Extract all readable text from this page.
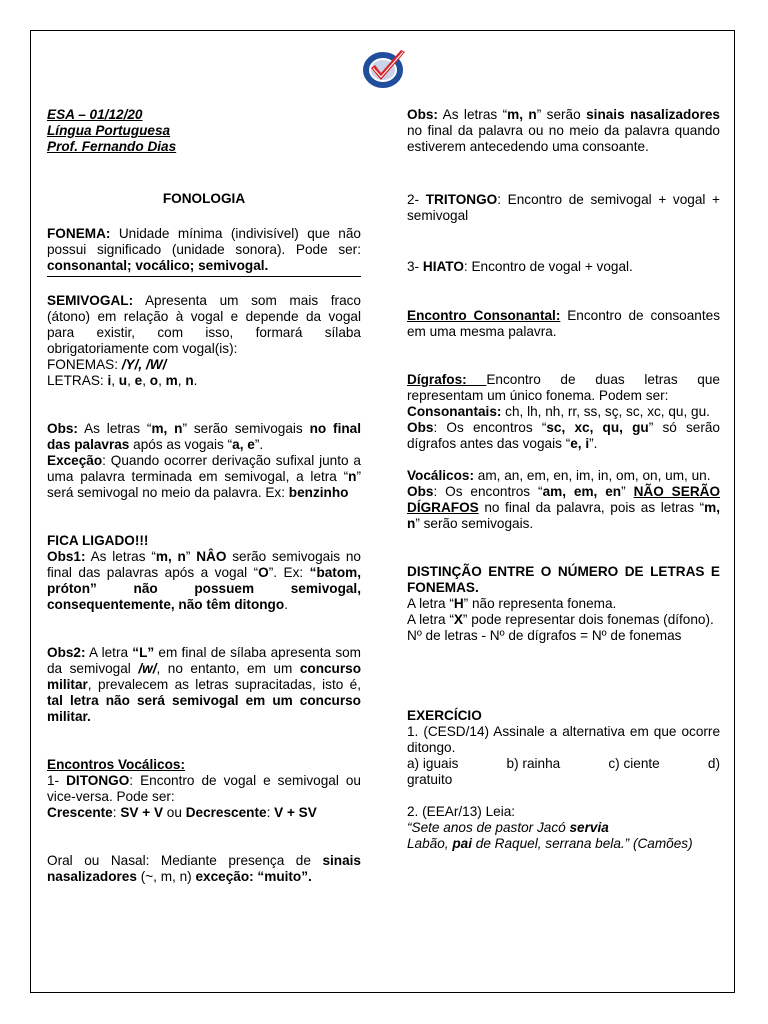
ESA – 01/12/20

Língua Portuguesa

Prof. Fernando Dias

FONOLOGIA

FONEMA: Unidade mínima (indivisível) que não possui significado (unidade sonora). Pode ser: consonantal; vocálico; semivogal.

SEMIVOGAL: Apresenta um som mais fraco (átono) em relação à vogal e depende da vogal para existir, com isso, formará sílaba obrigatoriamente com vogal(is):

FONEMAS: /Y/, /W/

LETRAS: i, u, e, o, m, n.

Obs: As letras “m, n” serão semivogais no final das palavras após as vogais “a, e”.

Exceção: Quando ocorrer derivação sufixal junto a uma palavra terminada em semivogal, a letra “n” será semivogal no meio da palavra. Ex: benzinho

FICA LIGADO!!!

Obs1: As letras “m, n” NÂO serão semivogais no final das palavras após a vogal “O”. Ex: “batom, próton” não possuem semivogal, consequentemente, não têm ditongo.

Obs2: A letra “L” em final de sílaba apresenta som da semivogal /w/, no entanto, em um concurso militar, prevalecem as letras supracitadas, isto é, tal letra não será semivogal em um concurso militar.

Encontros Vocálicos:

1- DITONGO: Encontro de vogal e semivogal ou vice-versa. Pode ser:

Crescente: SV + V ou Decrescente: V + SV

Oral ou Nasal: Mediante presença de sinais nasalizadores (~, m, n) exceção: “muito”.

Obs: As letras “m, n” serão sinais nasalizadores no final da palavra ou no meio da palavra quando estiverem antecedendo uma consoante.

2- TRITONGO: Encontro de semivogal + vogal + semivogal

3- HIATO: Encontro de vogal + vogal.

Encontro Consonantal: Encontro de consoantes em uma mesma palavra.

Dígrafos: Encontro de duas letras que representam um único fonema. Podem ser:

Consonantais: ch, lh, nh, rr, ss, sç, sc, xc, qu, gu.

Obs: Os encontros “sc, xc, qu, gu” só serão dígrafos antes das vogais “e, i”.

Vocálicos: am, an, em, en, im, in, om, on, um, un.

Obs: Os encontros “am, em, en” NÃO SERÃO DÍGRAFOS no final da palavra, pois as letras “m, n” serão semivogais.

DISTINÇÃO ENTRE O NÚMERO DE LETRAS E FONEMAS.

A letra “H” não representa fonema.

A letra “X” pode representar dois fonemas (dífono).

Nº de letras - Nº de dígrafos = Nº de fonemas

EXERCÍCIO

1. (CESD/14) Assinale a alternativa em que ocorre ditongo.

a) iguais	b) rainha	c) ciente	d)

gratuito

2. (EEAr/13) Leia:

“Sete anos de pastor Jacó servia

Labão, pai de Raquel, serrana bela.” (Camões)
